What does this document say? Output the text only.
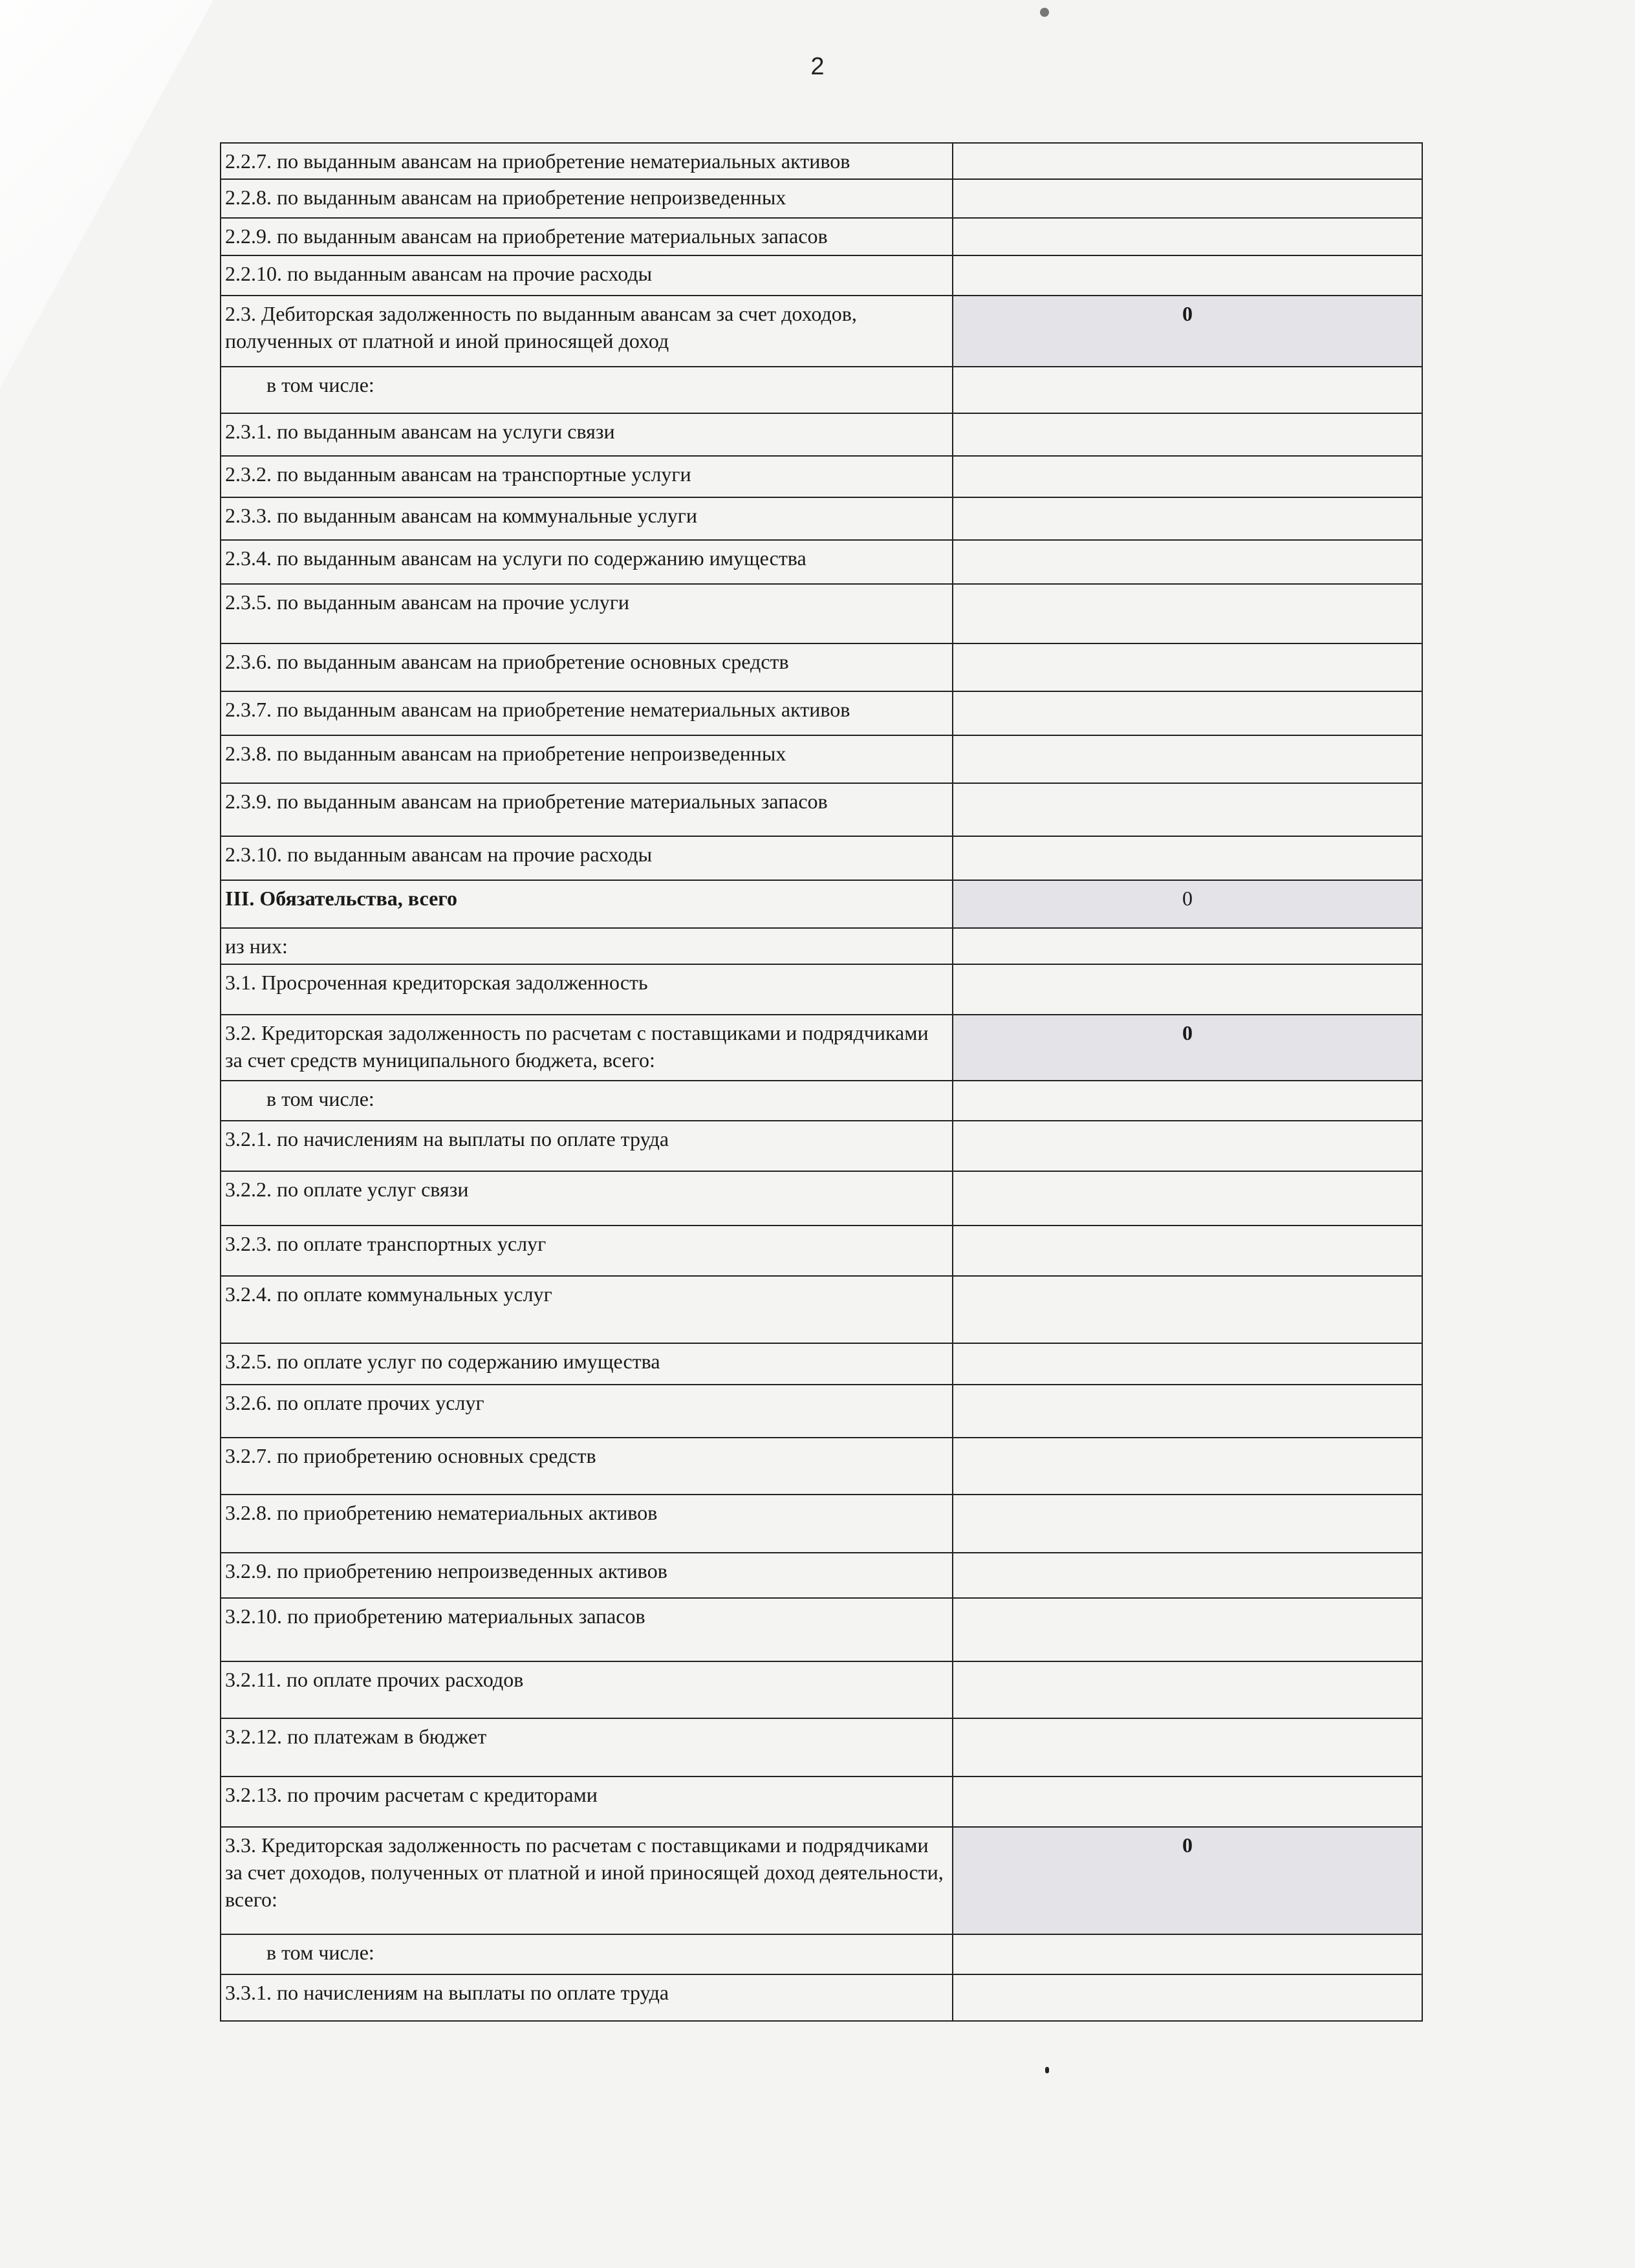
2
2.2.7. по выданным авансам на приобретение нематериальных активов	
2.2.8. по выданным авансам на приобретение непроизведенных	
2.2.9. по выданным авансам на приобретение материальных запасов	
2.2.10. по выданным авансам на прочие расходы	
2.3. Дебиторская задолженность по выданным авансам за счет доходов, полученных от платной и иной приносящей доход	0
в том числе:	
2.3.1. по выданным авансам на услуги связи	
2.3.2. по выданным авансам на транспортные услуги	
2.3.3. по выданным авансам на коммунальные услуги	
2.3.4. по выданным авансам на услуги по содержанию имущества	
2.3.5. по выданным авансам на прочие услуги	
2.3.6. по выданным авансам на приобретение основных средств	
2.3.7. по выданным авансам на приобретение нематериальных активов	
2.3.8. по выданным авансам на приобретение непроизведенных	
2.3.9. по выданным авансам на приобретение материальных запасов	
2.3.10. по выданным авансам на прочие расходы	
III. Обязательства, всего	0
из них:	
3.1. Просроченная кредиторская задолженность	
3.2. Кредиторская задолженность по расчетам с поставщиками и подрядчиками за счет средств муниципального бюджета, всего:	0
в том числе:	
3.2.1. по начислениям на выплаты по оплате труда	
3.2.2. по оплате услуг связи	
3.2.3. по оплате транспортных услуг	
3.2.4. по оплате коммунальных услуг	
3.2.5. по оплате услуг по содержанию имущества	
3.2.6. по оплате прочих услуг	
3.2.7. по приобретению основных средств	
3.2.8. по приобретению нематериальных активов	
3.2.9. по приобретению непроизведенных активов	
3.2.10. по приобретению материальных запасов	
3.2.11. по оплате прочих расходов	
3.2.12. по платежам в бюджет	
3.2.13. по прочим расчетам с кредиторами	
3.3. Кредиторская задолженность по расчетам с поставщиками и подрядчиками за счет доходов, полученных от платной и иной приносящей доход деятельности, всего:	0
в том числе:	
3.3.1. по начислениям на выплаты по оплате труда	
